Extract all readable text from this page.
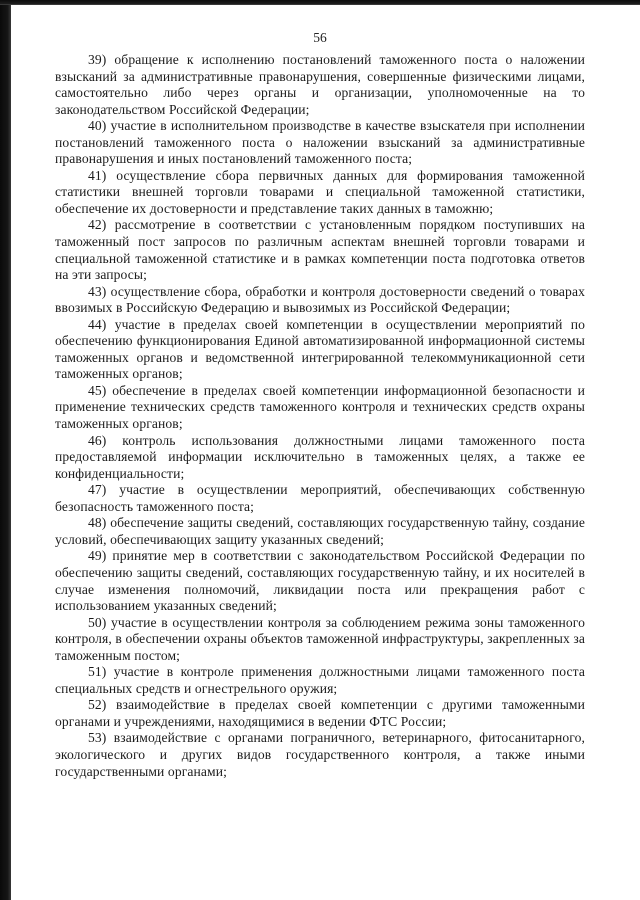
56

39) обращение к исполнению постановлений таможенного поста о наложении взысканий за административные правонарушения, совершенные физическими лицами, самостоятельно либо через органы и организации, уполномоченные на то законодательством Российской Федерации;

40) участие в исполнительном производстве в качестве взыскателя при исполнении постановлений таможенного поста о наложении взысканий за административные правонарушения и иных постановлений таможенного поста;

41) осуществление сбора первичных данных для формирования таможенной статистики внешней торговли товарами и специальной таможенной статистики, обеспечение их достоверности и представление таких данных в таможню;

42) рассмотрение в соответствии с установленным порядком поступивших на таможенный пост запросов по различным аспектам внешней торговли товарами и специальной таможенной статистике и в рамках компетенции поста подготовка ответов на эти запросы;

43) осуществление сбора, обработки и контроля достоверности сведений о товарах ввозимых в Российскую Федерацию и вывозимых из Российской Федерации;

44) участие в пределах своей компетенции в осуществлении мероприятий по обеспечению функционирования Единой автоматизированной информационной системы таможенных органов и ведомственной интегрированной телекоммуникационной сети таможенных органов;

45) обеспечение в пределах своей компетенции информационной безопасности и применение технических средств таможенного контроля и технических средств охраны таможенных органов;

46) контроль использования должностными лицами таможенного поста предоставляемой информации исключительно в таможенных целях, а также ее конфиденциальности;

47) участие в осуществлении мероприятий, обеспечивающих собственную безопасность таможенного поста;

48) обеспечение защиты сведений, составляющих государственную тайну, создание условий, обеспечивающих защиту указанных сведений;

49) принятие мер в соответствии с законодательством Российской Федерации по обеспечению защиты сведений, составляющих государственную тайну, и их носителей в случае изменения полномочий, ликвидации поста или прекращения работ с использованием указанных сведений;

50) участие в осуществлении контроля за соблюдением режима зоны таможенного контроля, в обеспечении охраны объектов таможенной инфраструктуры, закрепленных за таможенным постом;

51) участие в контроле применения должностными лицами таможенного поста специальных средств и огнестрельного оружия;

52) взаимодействие в пределах своей компетенции с другими таможенными органами и учреждениями, находящимися в ведении ФТС России;

53) взаимодействие с органами пограничного, ветеринарного, фитосанитарного, экологического и других видов государственного контроля, а также иными государственными органами;
